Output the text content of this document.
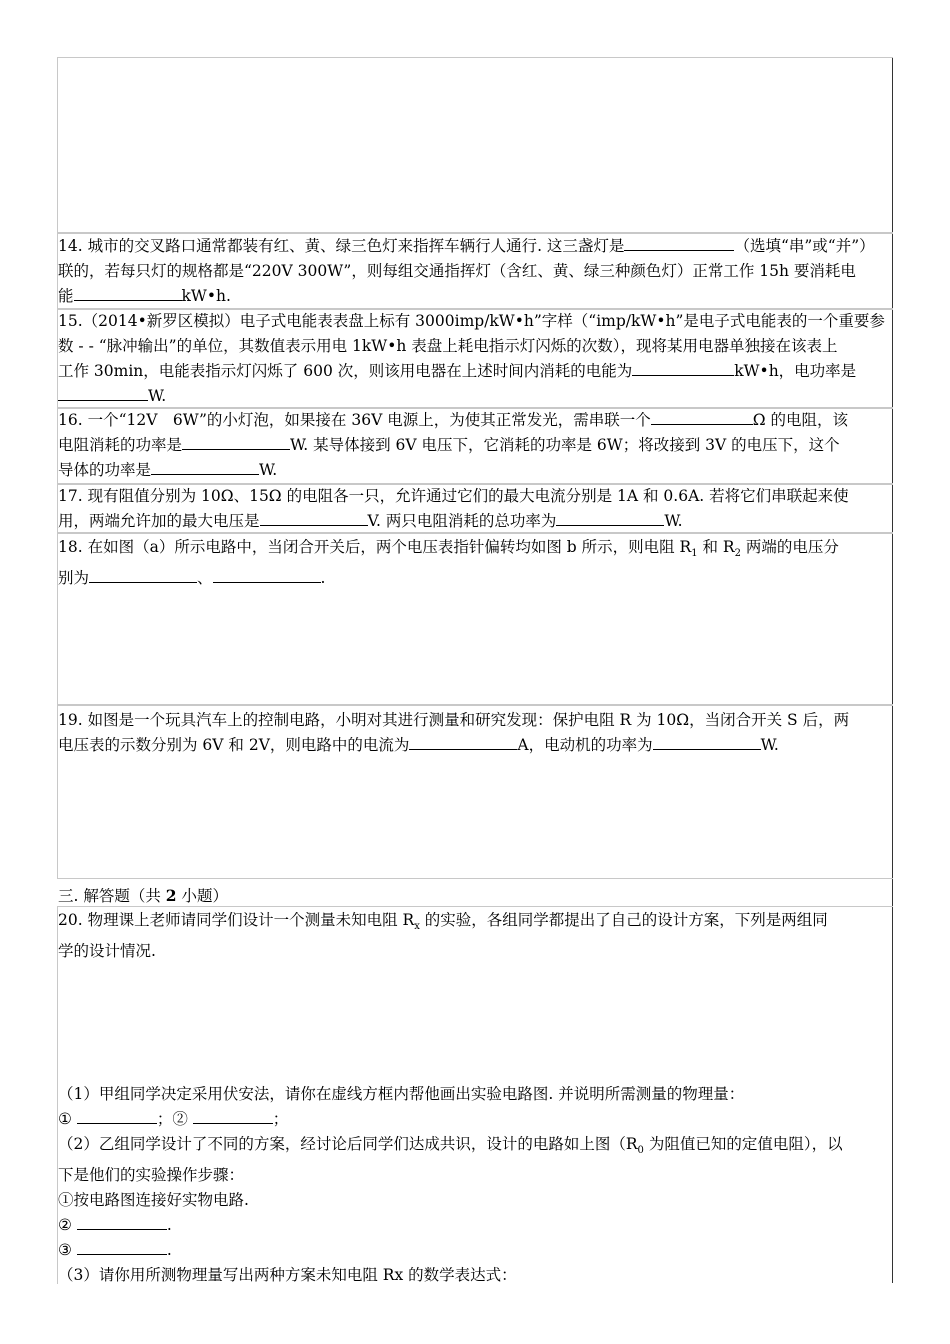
14. 城市的交叉路口通常都装有红、黄、绿三色灯来指挥车辆行人通行. 这三盏灯是	（选填“串”或“并”）

联的，若每只灯的规格都是“220V 300W”，则每组交通指挥灯（含红、黄、绿三种颜色灯）正常工作 15h 要消耗电

能	kW•h.

15.（2014•新罗区模拟）电子式电能表表盘上标有 3000imp/kW•h”字样（“imp/kW•h”是电子式电能表的一个重要参

数 - - “脉冲输出”的单位，其数值表示用电 1kW•h 表盘上耗电指示灯闪烁的次数），现将某用电器单独接在该表上

工作 30min，电能表指示灯闪烁了 600 次，则该用电器在上述时间内消耗的电能为	kW•h，电功率是

W.

16. 一个“12V　6W”的小灯泡，如果接在 36V 电源上，为使其正常发光，需串联一个	Ω 的电阻，该

电阻消耗的功率是	W. 某导体接到 6V 电压下，它消耗的功率是 6W；将改接到 3V 的电压下，这个

导体的功率是	W.

17. 现有阻值分别为 10Ω、15Ω 的电阻各一只，允许通过它们的最大电流分别是 1A 和 0.6A. 若将它们串联起来使

用，两端允许加的最大电压是	V. 两只电阻消耗的总功率为	W.

18. 在如图（a）所示电路中，当闭合开关后，两个电压表指针偏转均如图 b 所示，则电阻 $R_1$ 和 $R_2$ 两端的电压分

别为	、	.

19. 如图是一个玩具汽车上的控制电路，小明对其进行测量和研究发现：保护电阻 R 为 10Ω，当闭合开关 S 后，两

电压表的示数分别为 6V 和 2V，则电路中的电流为	A，电动机的功率为	W.

三. 解答题（共 2 小题）

20. 物理课上老师请同学们设计一个测量未知电阻 $R_x$ 的实验，各组同学都提出了自己的设计方案，下列是两组同

学的设计情况.

（1）甲组同学决定采用伏安法，请你在虚线方框内帮他画出实验电路图. 并说明所需测量的物理量：

①	；②	；

（2）乙组同学设计了不同的方案，经讨论后同学们达成共识，设计的电路如上图（$R_0$ 为阻值已知的定值电阻），以

下是他们的实验操作步骤：

①按电路图连接好实物电路.

②	.

③	.

（3）请你用所测物理量写出两种方案未知电阻 Rx 的数学表达式：
